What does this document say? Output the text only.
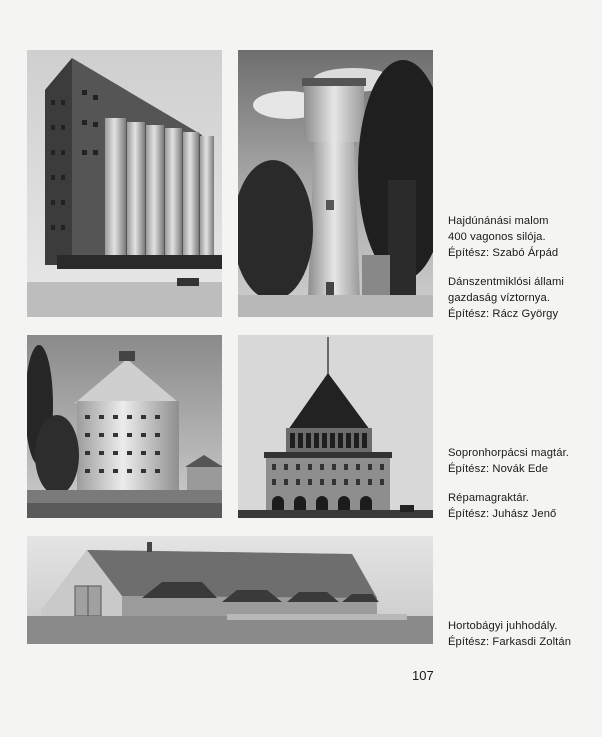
Hajdúnánási malom
400 vagonos silója.
Építész: Szabó Árpád
Dánszentmiklósi állami
gazdaság víztornya.
Építész: Rácz György
Sopronhorpácsi magtár.
Építész: Novák Ede
Répamagraktár.
Építész: Juhász Jenő
Hortobágyi juhhodály.
Építész: Farkasdi Zoltán
107
